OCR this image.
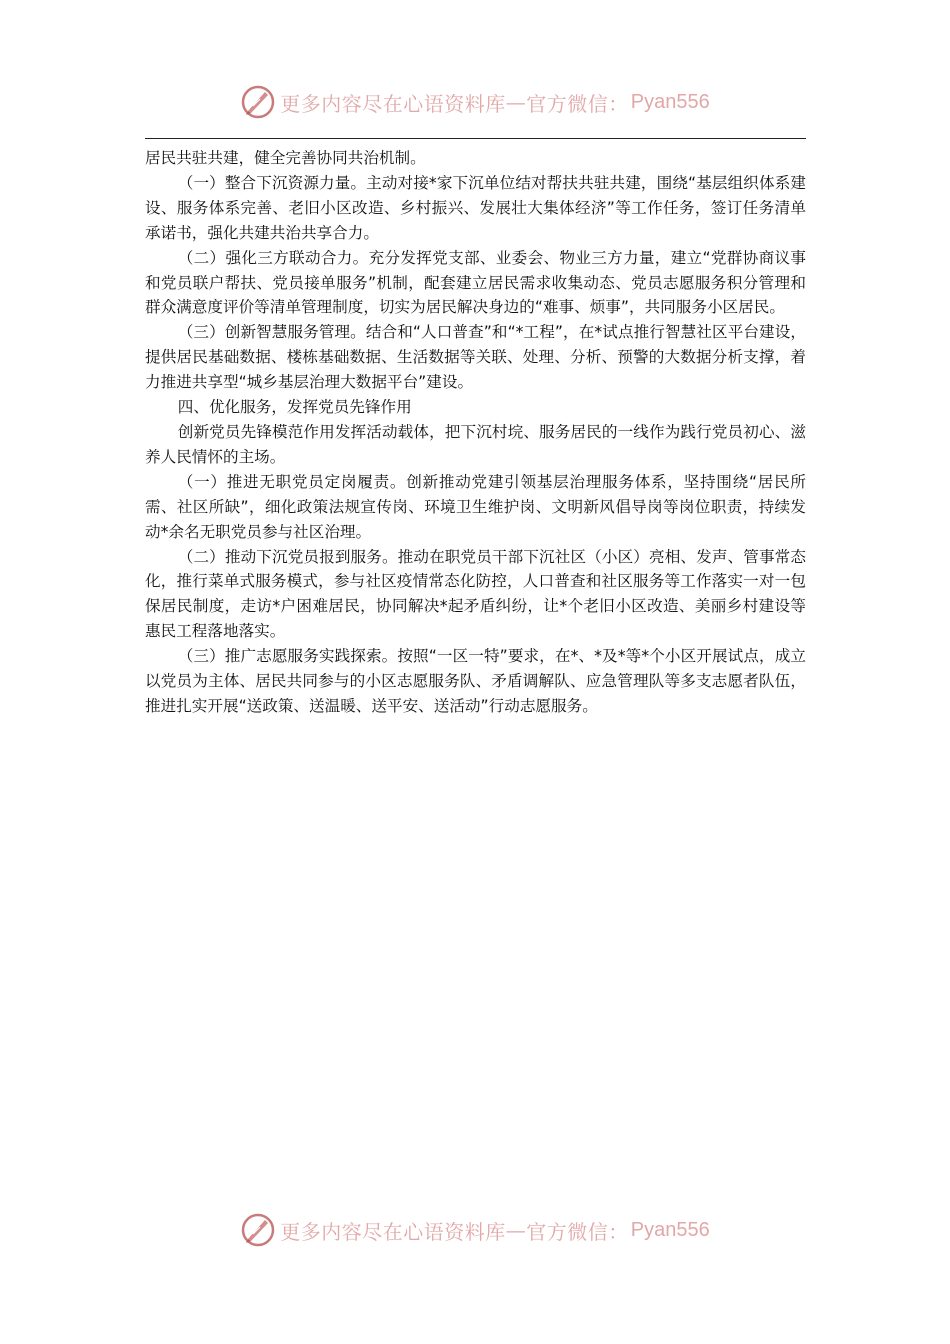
更多内容尽在心语资料库 — 官方微信： Pyan556

居民共驻共建，健全完善协同共治机制。

（一）整合下沉资源力量。主动对接*家下沉单位结对帮扶共驻共建，围绕“基层组织体系建设、服务体系完善、老旧小区改造、乡村振兴、发展壮大集体经济”等工作任务，签订任务清单承诺书，强化共建共治共享合力。

（二）强化三方联动合力。充分发挥党支部、业委会、物业三方力量，建立“党群协商议事和党员联户帮扶、党员接单服务”机制，配套建立居民需求收集动态、党员志愿服务积分管理和群众满意度评价等清单管理制度，切实为居民解决身边的“难事、烦事”，共同服务小区居民。

（三）创新智慧服务管理。结合和“人口普查”和“*工程”，在*试点推行智慧社区平台建设，提供居民基础数据、楼栋基础数据、生活数据等关联、处理、分析、预警的大数据分析支撑，着力推进共享型“城乡基层治理大数据平台”建设。

四、优化服务，发挥党员先锋作用

创新党员先锋模范作用发挥活动载体，把下沉村垸、服务居民的一线作为践行党员初心、滋养人民情怀的主场。

（一）推进无职党员定岗履责。创新推动党建引领基层治理服务体系，坚持围绕“居民所需、社区所缺”，细化政策法规宣传岗、环境卫生维护岗、文明新风倡导岗等岗位职责，持续发动*余名无职党员参与社区治理。

（二）推动下沉党员报到服务。推动在职党员干部下沉社区（小区）亮相、发声、管事常态化，推行菜单式服务模式，参与社区疫情常态化防控，人口普查和社区服务等工作落实一对一包保居民制度，走访*户困难居民，协同解决*起矛盾纠纷，让*个老旧小区改造、美丽乡村建设等惠民工程落地落实。

（三）推广志愿服务实践探索。按照“一区一特”要求，在*、*及*等*个小区开展试点，成立以党员为主体、居民共同参与的小区志愿服务队、矛盾调解队、应急管理队等多支志愿者队伍，推进扎实开展“送政策、送温暖、送平安、送活动”行动志愿服务。

更多内容尽在心语资料库 — 官方微信： Pyan556
